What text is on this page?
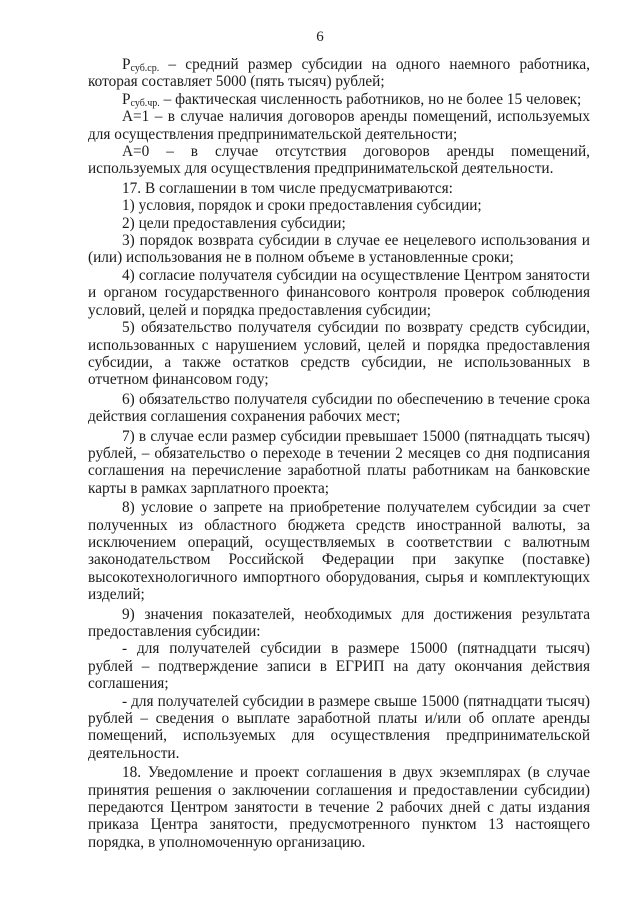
6

$P_{суб.ср.}$ – средний размер субсидии на одного наемного работника, которая составляет 5000 (пять тысяч) рублей;

$P_{суб.чр.}$ – фактическая численность работников, но не более 15 человек;

A=1 – в случае наличия договоров аренды помещений, используемых для осуществления предпринимательской деятельности;

A=0 – в случае отсутствия договоров аренды помещений, используемых для осуществления предпринимательской деятельности.

17. В соглашении в том числе предусматриваются:

1) условия, порядок и сроки предоставления субсидии;

2) цели предоставления субсидии;

3) порядок возврата субсидии в случае ее нецелевого использования и (или) использования не в полном объеме в установленные сроки;

4) согласие получателя субсидии на осуществление Центром занятости и органом государственного финансового контроля проверок соблюдения условий, целей и порядка предоставления субсидии;

5) обязательство получателя субсидии по возврату средств субсидии, использованных с нарушением условий, целей и порядка предоставления субсидии, а также остатков средств субсидии, не использованных в отчетном финансовом году;

6) обязательство получателя субсидии по обеспечению в течение срока действия соглашения сохранения рабочих мест;

7) в случае если размер субсидии превышает 15000 (пятнадцать тысяч) рублей, – обязательство о переходе в течении 2 месяцев со дня подписания соглашения на перечисление заработной платы работникам на банковские карты в рамках зарплатного проекта;

8) условие о запрете на приобретение получателем субсидии за счет полученных из областного бюджета средств иностранной валюты, за исключением операций, осуществляемых в соответствии с валютным законодательством Российской Федерации при закупке (поставке) высокотехнологичного импортного оборудования, сырья и комплектующих изделий;

9) значения показателей, необходимых для достижения результата предоставления субсидии:

- для получателей субсидии в размере 15000 (пятнадцати тысяч) рублей – подтверждение записи в ЕГРИП на дату окончания действия соглашения;

- для получателей субсидии в размере свыше 15000 (пятнадцати тысяч) рублей – сведения о выплате заработной платы и/или об оплате аренды помещений, используемых для осуществления предпринимательской деятельности.

18. Уведомление и проект соглашения в двух экземплярах (в случае принятия решения о заключении соглашения и предоставлении субсидии) передаются Центром занятости в течение 2 рабочих дней с даты издания приказа Центра занятости, предусмотренного пунктом 13 настоящего порядка, в уполномоченную организацию.
